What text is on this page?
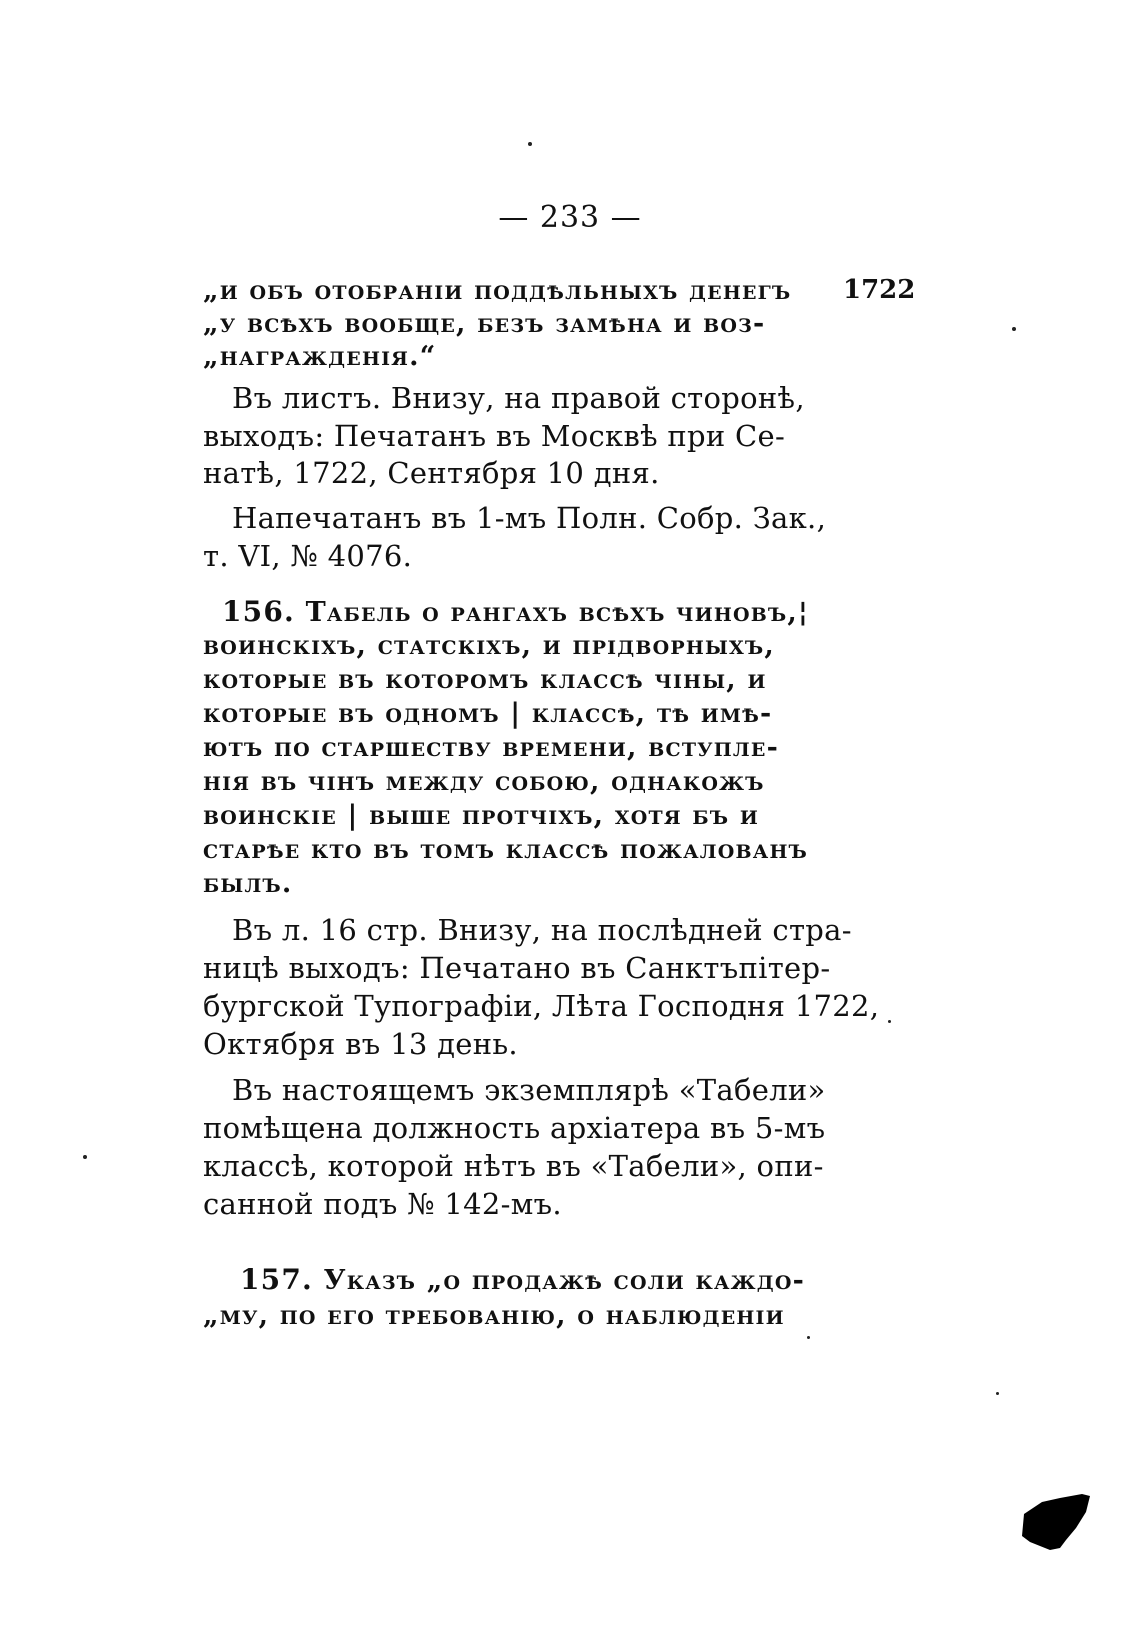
— 233 —
1722
„и объ отобраніи поддѣльныхъ денегъ
„у всѣхъ вообще, безъ замѣна и воз-
„награжденія.“
Въ листъ. Внизу, на правой сторонѣ,
выходъ: Печатанъ въ Москвѣ при Се-
натѣ, 1722, Сентября 10 дня.
Напечатанъ въ 1-мъ Полн. Собр. Зак.,
т. VI, № 4076.
156. Табель о рангахъ всѣхъ чиновъ,¦
воинскіхъ, статскіхъ, и прідворныхъ,
которые въ которомъ классѣ чіны, и
которые въ одномъ | классѣ, тѣ имѣ-
ютъ по старшеству времени, вступле-
нія въ чінъ между собою, однакожъ
воинскіе | выше протчіхъ, хотя бъ и
старѣе кто въ томъ классѣ пожалованъ
былъ.
Въ л. 16 стр. Внизу, на послѣдней стра-
ницѣ выходъ: Печатано въ Санктъпітер-
бургской Тупографіи, Лѣта Господня 1722,
Октября въ 13 день.
Въ настоящемъ экземплярѣ «Табели»
помѣщена должность архіатера въ 5-мъ
классѣ, которой нѣтъ въ «Табели», опи-
санной подъ № 142-мъ.
157. Указъ „о продажѣ соли каждо-
„му, по его требованію, о наблюденіи
